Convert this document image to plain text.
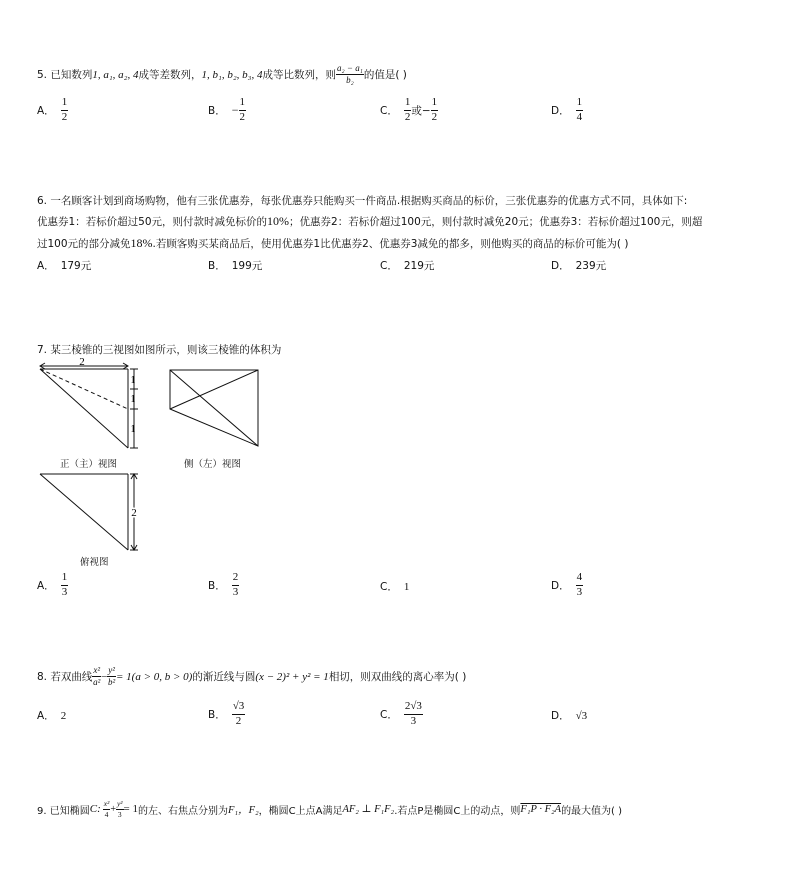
5. 已知数列 1, a₁, a₂, 4 成等差数列， 1, b₁, b₂, b₃, 4 成等比数列，则 $\frac{\text{a₂ − a₁}}{\text{b₂}}$ 的值是( )
A． $\frac{1}{2}$	B． − $\frac{1}{2}$	C． $\frac{1}{2}$ 或− $\frac{1}{2}$	D． $\frac{1}{4}$
6. 一名顾客计划到商场购物，他有三张优惠券，每张优惠券只能购买一件商品.根据购买商品的标价，三张优惠券的优惠方式不同，具体如下:
优惠券1：若标价超过50元，则付款时减免标价的10%；优惠券2：若标价超过100元，则付款时减免20元；优惠券3：若标价超过100元，则超
过100元的部分减免18%.若顾客购买某商品后，使用优惠券1比优惠券2、优惠券3减免的都多，则他购买的商品的标价可能为( )
A． 179元	B． 199元	C． 219元	D． 239元
7. 某三棱锥的三视图如图所示，则该三棱锥的体积为
2
1
1
1
正（主）视图	侧（左）视图
2
俯视图
A． $\frac{1}{3}$	B． $\frac{2}{3}$	C． 1	D． $\frac{4}{3}$
8. 若双曲线 $\frac{\text{x²}}{\text{a²}} - \frac{\text{y²}}{\text{b²}} = 1(a > 0$, b > 0) 的渐近线与圆 (x − 2)² + y² = 1 相切，则双曲线的离心率为( )
A． 2	B． $\frac{√3}{2}$	C． $\frac{2√3}{3}$	D． √3
9. 已知椭圆 C: $\frac{\text{x²}}{4} + \frac{\text{y²}}{3} = 1$ 的左、右焦点分别为 F₁，F₂ ，椭圆C上点A满足 AF₂ ⊥ F₁F₂ .若点P是椭圆C上的动点，则 F₁P · F₂A 的最大值为( )
